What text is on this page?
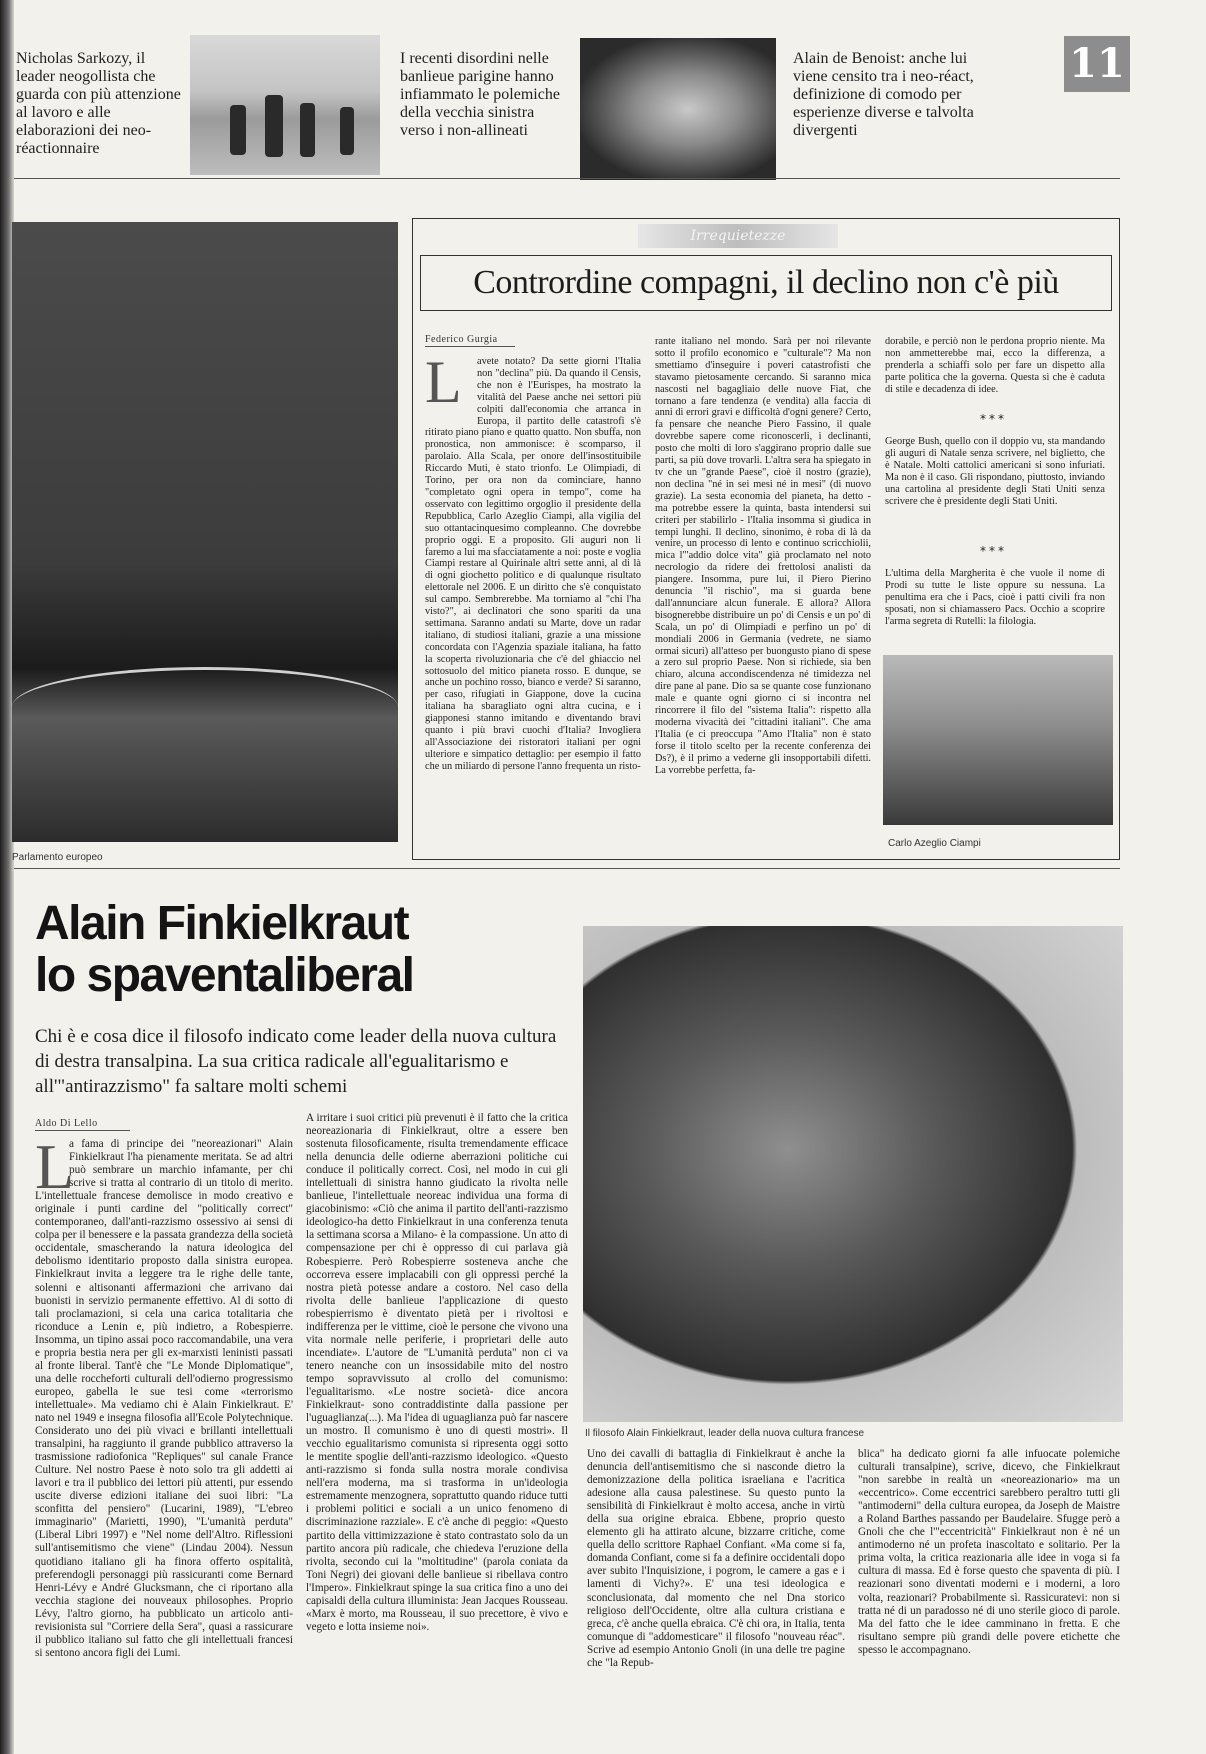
Nicholas Sarkozy, il leader neogollista che guarda con più attenzione al lavoro e alle elaborazioni dei neo-réactionnaire
I recenti disordini nelle banlieue parigine hanno infiammato le polemiche della vecchia sinistra verso i non-allineati
Alain de Benoist: anche lui viene censito tra i neo-réact, definizione di comodo per esperienze diverse e talvolta divergenti
11
Parlamento europeo
Irrequietezze
Contrordine compagni, il declino non c'è più
Federico Gurgia
L	avete notato? Da sette giorni l'Italia non "declina" più. Da quando il Censis, che non è l'Eurispes, ha mostrato la vitalità del Paese anche nei settori più colpiti dall'economia che arranca in Europa, il partito delle catastrofi s'è ritirato piano piano e quatto quatto. Non sbuffa, non pronostica, non ammonisce: è scomparso, il parolaio. Alla Scala, per onore dell'insostituibile Riccardo Muti, è stato trionfo. Le Olimpiadi, di Torino, per ora non da cominciare, hanno "completato ogni opera in tempo", come ha osservato con legittimo orgoglio il presidente della Repubblica, Carlo Azeglio Ciampi, alla vigilia del suo ottantacinquesimo compleanno. Che dovrebbe proprio oggi. E a proposito. Gli auguri non li faremo a lui ma sfacciatamente a noi: poste e voglia Ciampi restare al Quirinale altri sette anni, al di là di ogni giochetto politico e di qualunque risultato elettorale nel 2006. E un diritto che s'è conquistato sul campo. Sembrerebbe. Ma torniamo al "chi l'ha visto?", ai declinatori che sono spariti da una settimana. Saranno andati su Marte, dove un radar italiano, di studiosi italiani, grazie a una missione concordata con l'Agenzia spaziale italiana, ha fatto la scoperta rivoluzionaria che c'è del ghiaccio nel sottosuolo del mitico pianeta rosso. E dunque, se anche un pochino rosso, bianco e verde? Si saranno, per caso, rifugiati in Giappone, dove la cucina italiana ha sbaragliato ogni altra cucina, e i giapponesi stanno imitando e diventando bravi quanto i più bravi cuochi d'Italia? Invogliera all'Associazione dei ristoratori italiani per ogni ulteriore e simpatico dettaglio: per esempio il fatto che un miliardo di persone l'anno frequenta un risto-
rante italiano nel mondo. Sarà per noi rilevante sotto il profilo economico e "culturale"? Ma non smettiamo d'inseguire i poveri catastrofisti che stavamo pietosamente cercando. Si saranno mica nascosti nel bagagliaio delle nuove Fiat, che tornano a fare tendenza (e vendita) alla faccia di anni di errori gravi e difficoltà d'ogni genere? Certo, fa pensare che neanche Piero Fassino, il quale dovrebbe sapere come riconoscerli, i declinanti, posto che molti di loro s'aggirano proprio dalle sue parti, sa più dove trovarli. L'altra sera ha spiegato in tv che un "grande Paese", cioè il nostro (grazie), non declina "né in sei mesi né in mesi" (di nuovo grazie). La sesta economia del pianeta, ha detto - ma potrebbe essere la quinta, basta intendersi sui criteri per stabilirlo - l'Italia insomma si giudica in tempi lunghi. Il declino, sinonimo, è roba di là da venire, un processo di lento e continuo scricchiolii, mica l'"addio dolce vita" già proclamato nel noto necrologio da ridere dei frettolosi analisti da piangere. Insomma, pure lui, il Piero Pierino denuncia "il rischio", ma si guarda bene dall'annunciare alcun funerale. E allora? Allora bisognerebbe distribuire un po' di Censis e un po' di Scala, un po' di Olimpiadi e perfino un po' di mondiali 2006 in Germania (vedrete, ne siamo ormai sicuri) all'atteso per buongusto piano di spese a zero sul proprio Paese. Non si richiede, sia ben chiaro, alcuna accondiscendenza né timidezza nel dire pane al pane. Dio sa se quante cose funzionano male e quante ogni giorno ci si incontra nel rincorrere il filo del "sistema Italia": rispetto alla moderna vivacità dei "cittadini italiani". Che ama l'Italia (e ci preoccupa "Amo l'Italia" non è stato forse il titolo scelto per la recente conferenza dei Ds?), è il primo a vederne gli insopportabili difetti. La vorrebbe perfetta, fa-
dorabile, e perciò non le perdona proprio niente. Ma non ammetterebbe mai, ecco la differenza, a prenderla a schiaffi solo per fare un dispetto alla parte politica che la governa. Questa sì che è caduta di stile e decadenza di idee.
***
George Bush, quello con il doppio vu, sta mandando gli auguri di Natale senza scrivere, nel biglietto, che è Natale. Molti cattolici americani si sono infuriati. Ma non è il caso. Gli rispondano, piuttosto, inviando una cartolina al presidente degli Stati Uniti senza scrivere che è presidente degli Stati Uniti.
***
L'ultima della Margherita è che vuole il nome di Prodi su tutte le liste oppure su nessuna. La penultima era che i Pacs, cioè i patti civili fra non sposati, non si chiamassero Pacs. Occhio a scoprire l'arma segreta di Rutelli: la filologia.
Carlo Azeglio Ciampi
Alain Finkielkraut
lo spaventaliberal
Chi è e cosa dice il filosofo indicato come leader della nuova cultura di destra transalpina. La sua critica radicale all'egualitarismo e all'"antirazzismo" fa saltare molti schemi
Aldo Di Lello
L
a fama di principe dei "neoreazionari" Alain Finkielkraut l'ha pienamente meritata. Se ad altri può sembrare un marchio infamante, per chi scrive si tratta al contrario di un titolo di merito. L'intellettuale francese demolisce in modo creativo e originale i punti cardine del "politically correct" contemporaneo, dall'anti-razzismo ossessivo ai sensi di colpa per il benessere e la passata grandezza della società occidentale, smascherando la natura ideologica del debolismo identitario proposto dalla sinistra europea. Finkielkraut invita a leggere tra le righe delle tante, solenni e altisonanti affermazioni che arrivano dai buonisti in servizio permanente effettivo. Al di sotto di tali proclamazioni, si cela una carica totalitaria che riconduce a Lenin e, più indietro, a Robespierre. Insomma, un tipino assai poco raccomandabile, una vera e propria bestia nera per gli ex-marxisti leninisti passati al fronte liberal. Tant'è che "Le Monde Diplomatique", una delle roccheforti culturali dell'odierno progressismo europeo, gabella le sue tesi come «terrorismo intellettuale». Ma vediamo chi è Alain Finkielkraut. E' nato nel 1949 e insegna filosofia all'Ecole Polytechnique. Considerato uno dei più vivaci e brillanti intellettuali transalpini, ha raggiunto il grande pubblico attraverso la trasmissione radiofonica "Repliques" sul canale France Culture. Nel nostro Paese è noto solo tra gli addetti ai lavori e tra il pubblico dei lettori più attenti, pur essendo uscite diverse edizioni italiane dei suoi libri: "La sconfitta del pensiero" (Lucarini, 1989), "L'ebreo immaginario" (Marietti, 1990), "L'umanità perduta" (Liberal Libri 1997) e "Nel nome dell'Altro. Riflessioni sull'antisemitismo che viene" (Lindau 2004). Nessun quotidiano italiano gli ha finora offerto ospitalità, preferendogli personaggi più rassicuranti come Bernard Henri-Lévy e André Glucksmann, che ci riportano alla vecchia stagione dei nouveaux philosophes. Proprio Lévy, l'altro giorno, ha pubblicato un articolo anti-revisionista sul "Corriere della Sera", quasi a rassicurare il pubblico italiano sul fatto che gli intellettuali francesi si sentono ancora figli dei Lumi.
A irritare i suoi critici più prevenuti è il fatto che la critica neoreazionaria di Finkielkraut, oltre a essere ben sostenuta filosoficamente, risulta tremendamente efficace nella denuncia delle odierne aberrazioni politiche cui conduce il politically correct. Così, nel modo in cui gli intellettuali di sinistra hanno giudicato la rivolta nelle banlieue, l'intellettuale neoreac individua una forma di giacobinismo: «Ciò che anima il partito dell'anti-razzismo ideologico-ha detto Finkielkraut in una conferenza tenuta la settimana scorsa a Milano- è la compassione. Un atto di compensazione per chi è oppresso di cui parlava già Robespierre. Però Robespierre sosteneva anche che occorreva essere implacabili con gli oppressi perché la nostra pietà potesse andare a costoro. Nel caso della rivolta delle banlieue l'applicazione di questo robespierrismo è diventato pietà per i rivoltosi e indifferenza per le vittime, cioè le persone che vivono una vita normale nelle periferie, i proprietari delle auto incendiate». L'autore de "L'umanità perduta" non ci va tenero neanche con un insossidabile mito del nostro tempo sopravvissuto al crollo del comunismo: l'egualitarismo. «Le nostre società- dice ancora Finkielkraut- sono contraddistinte dalla passione per l'uguaglianza(...). Ma l'idea di uguaglianza può far nascere un mostro. Il comunismo è uno di questi mostri». Il vecchio egualitarismo comunista si ripresenta oggi sotto le mentite spoglie dell'anti-razzismo ideologico. «Questo anti-razzismo si fonda sulla nostra morale condivisa nell'era moderna, ma si trasforma in un'ideologia estremamente menzognera, soprattutto quando riduce tutti i problemi politici e sociali a un unico fenomeno di discriminazione razziale». E c'è anche di peggio: «Questo partito della vittimizzazione è stato contrastato solo da un partito ancora più radicale, che chiedeva l'eruzione della rivolta, secondo cui la "moltitudine" (parola coniata da Toni Negri) dei giovani delle banlieue si ribellava contro l'Impero». Finkielkraut spinge la sua critica fino a uno dei capisaldi della cultura illuminista: Jean Jacques Rousseau. «Marx è morto, ma Rousseau, il suo precettore, è vivo e vegeto e lotta insieme noi».
Il filosofo Alain Finkielkraut, leader della nuova cultura francese
Uno dei cavalli di battaglia di Finkielkraut è anche la denuncia dell'antisemitismo che si nasconde dietro la demonizzazione della politica israeliana e l'acritica adesione alla causa palestinese. Su questo punto la sensibilità di Finkielkraut è molto accesa, anche in virtù della sua origine ebraica. Ebbene, proprio questo elemento gli ha attirato alcune, bizzarre critiche, come quella dello scrittore Raphael Confiant. «Ma come si fa, domanda Confiant, come si fa a definire occidentali dopo aver subito l'Inquisizione, i pogrom, le camere a gas e i lamenti di Vichy?». E' una tesi ideologica e sconclusionata, dal momento che nel Dna storico religioso dell'Occidente, oltre alla cultura cristiana e greca, c'è anche quella ebraica. C'è chi ora, in Italia, tenta comunque di "addomesticare" il filosofo "nouveau réac". Scrive ad esempio Antonio Gnoli (in una delle tre pagine che "la Repub-
blica" ha dedicato giorni fa alle infuocate polemiche culturali transalpine), scrive, dicevo, che Finkielkraut "non sarebbe in realtà un «neoreazionario» ma un «eccentrico». Come eccentrici sarebbero peraltro tutti gli "antimoderni" della cultura europea, da Joseph de Maistre a Roland Barthes passando per Baudelaire. Sfugge però a Gnoli che che l'"eccentricità" Finkielkraut non è né un antimoderno né un profeta inascoltato e solitario. Per la prima volta, la critica reazionaria alle idee in voga si fa cultura di massa. Ed è forse questo che spaventa di più. I reazionari sono diventati moderni e i moderni, a loro volta, reazionari? Probabilmente sì. Rassicuratevi: non si tratta né di un paradosso né di uno sterile gioco di parole. Ma del fatto che le idee camminano in fretta. E che risultano sempre più grandi delle povere etichette che spesso le accompagnano.
